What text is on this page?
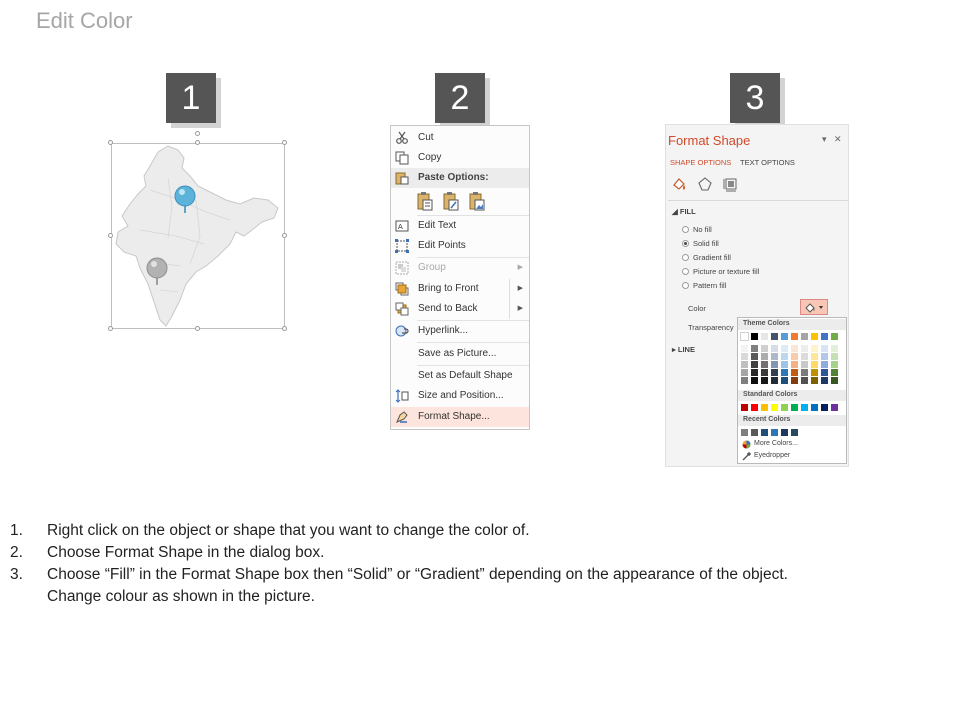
Edit Color
1	2	3
Cut
Copy
Paste Options:
A Edit Text
Edit Points
Group	▶
Bring to Front	▶
Send to Back	▶
Hyperlink...
Save as Picture...
Set as Default Shape
Size and Position...
Format Shape...
Format Shape	▾ ✕
SHAPE OPTIONS TEXT OPTIONS
◢ FILL
No fill
Solid fill
Gradient fill
Picture or texture fill
Pattern fill
Color
Transparency
▸ LINE
Theme Colors
Standard Colors
Recent Colors
More Colors...
Eyedropper
1. Right click on the object or shape that you want to change the color of.
2. Choose Format Shape in the dialog box.
3. Choose “Fill” in the Format Shape box then “Solid” or “Gradient” depending on the appearance of the object.
Change colour as shown in the picture.
